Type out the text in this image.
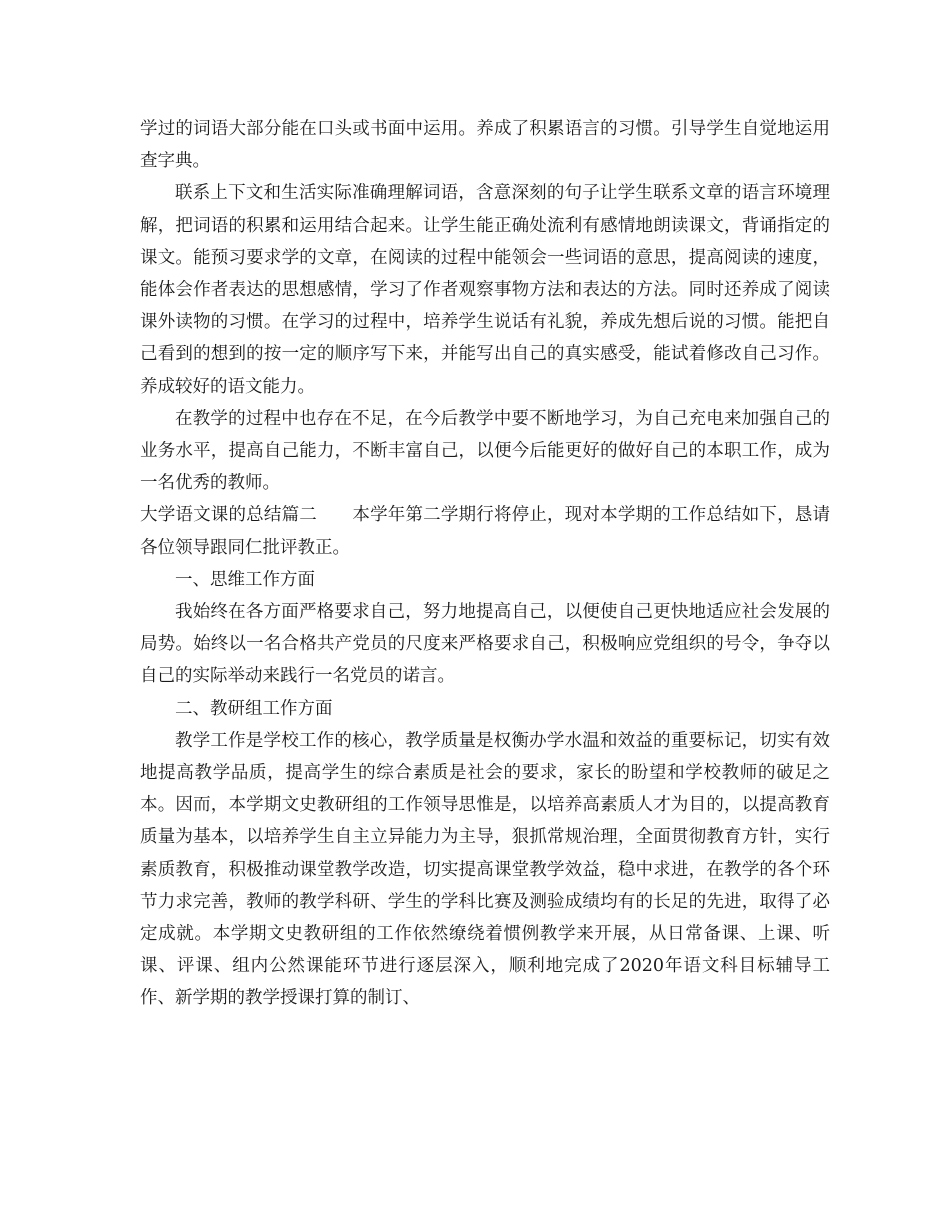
学过的词语大部分能在口头或书面中运用。养成了积累语言的习惯。引导学生自觉地运用查字典。

联系上下文和生活实际准确理解词语，含意深刻的句子让学生联系文章的语言环境理解，把词语的积累和运用结合起来。让学生能正确处流利有感情地朗读课文，背诵指定的课文。能预习要求学的文章，在阅读的过程中能领会一些词语的意思，提高阅读的速度，能体会作者表达的思想感情，学习了作者观察事物方法和表达的方法。同时还养成了阅读课外读物的习惯。在学习的过程中，培养学生说话有礼貌，养成先想后说的习惯。能把自己看到的想到的按一定的顺序写下来，并能写出自己的真实感受，能试着修改自己习作。养成较好的语文能力。

在教学的过程中也存在不足，在今后教学中要不断地学习，为自己充电来加强自己的业务水平，提高自己能力，不断丰富自己，以便今后能更好的做好自己的本职工作，成为一名优秀的教师。

大学语文课的总结篇二　　本学年第二学期行将停止，现对本学期的工作总结如下，恳请各位领导跟同仁批评教正。

一、思维工作方面

我始终在各方面严格要求自己，努力地提高自己，以便使自己更快地适应社会发展的局势。始终以一名合格共产党员的尺度来严格要求自己，积极响应党组织的号令，争夺以自己的实际举动来践行一名党员的诺言。

二、教研组工作方面

教学工作是学校工作的核心，教学质量是权衡办学水温和效益的重要标记，切实有效地提高教学品质，提高学生的综合素质是社会的要求，家长的盼望和学校教师的破足之本。因而，本学期文史教研组的工作领导思惟是，以培养高素质人才为目的，以提高教育质量为基本，以培养学生自主立异能力为主导，狠抓常规治理，全面贯彻教育方针，实行素质教育，积极推动课堂教学改造，切实提高课堂教学效益，稳中求进，在教学的各个环节力求完善，教师的教学科研、学生的学科比赛及测验成绩均有的长足的先进，取得了必定成就。本学期文史教研组的工作依然缭绕着惯例教学来开展，从日常备课、上课、听课、评课、组内公然课能环节进行逐层深入，顺利地完成了2020年语文科目标辅导工作、新学期的教学授课打算的制订、
